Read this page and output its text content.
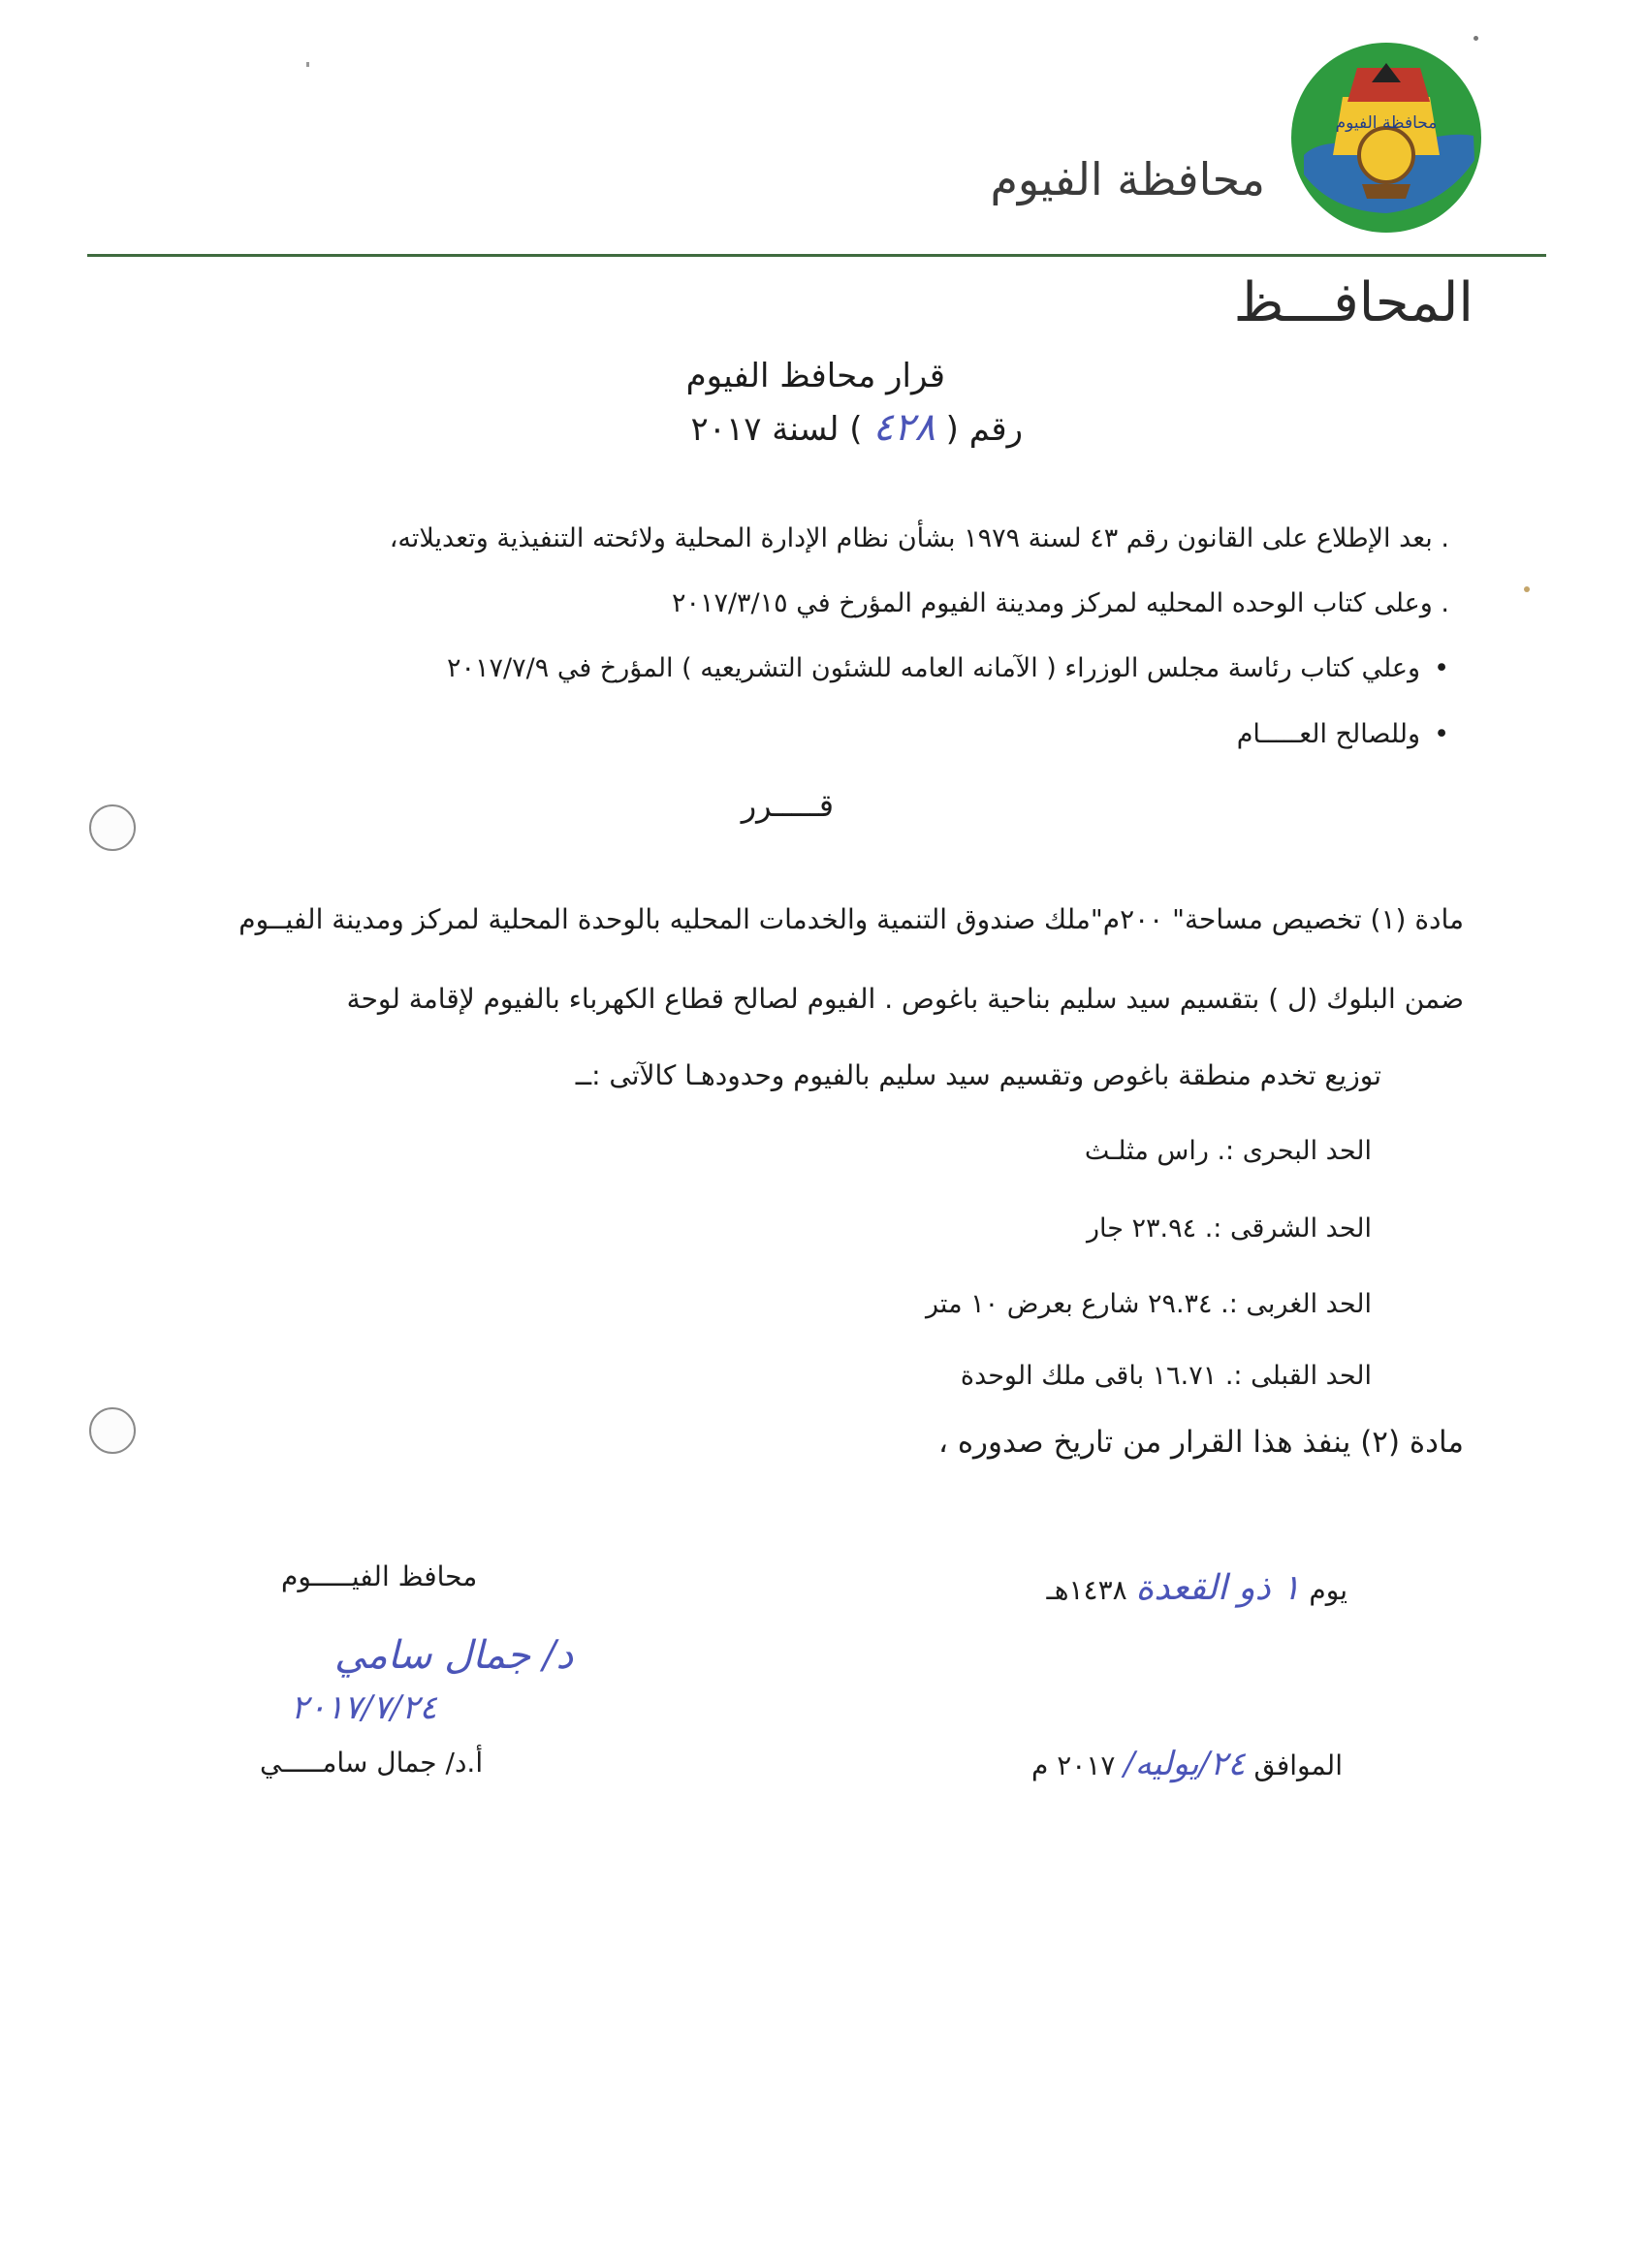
محافظة الفيوم
محافظة الفيوم
المحافـــظ
قرار محافظ الفيوم
رقم ( ٤٢٨ ) لسنة ٢٠١٧
. بعد الإطلاع على القانون رقم ٤٣ لسنة ١٩٧٩ بشأن نظام الإدارة المحلية ولائحته التنفيذية وتعديلاته،
. وعلى كتاب الوحده المحليه لمركز ومدينة الفيوم المؤرخ في ٢٠١٧/٣/١٥
•وعلي كتاب رئاسة مجلس الوزراء ( الآمانه العامه للشئون التشريعيه ) المؤرخ في ٢٠١٧/٧/٩
•وللصالح العـــــام
قـــــرر
مادة (١) تخصيص مساحة" ٢٠٠م"ملك صندوق التنمية والخدمات المحليه بالوحدة المحلية لمركز ومدينة الفيــوم
ضمن البلوك (ل ) بتقسيم سيد سليم بناحية باغوص . الفيوم لصالح قطاع الكهرباء بالفيوم لإقامة لوحة
توزيع تخدم منطقة باغوص وتقسيم سيد سليم بالفيوم وحدودهـا كالآتى :ــ
الحد البحرى :. راس مثلـث
الحد الشرقى :. ٢٣.٩٤ جار
الحد الغربى :. ٢٩.٣٤ شارع بعرض ١٠ متر
الحد القبلى :. ١٦.٧١ باقى ملك الوحدة
مادة (٢) ينفذ هذا القرار من تاريخ صدوره ،
محافظ الفيـــــوم
د/ جمال سامي
٢٠١٧/٧/٢٤
أ.د/ جمال سامـــــي
يوم ١ ذو القعدة ١٤٣٨هـ
الموافق ٢٤/يوليه/ ٢٠١٧ م
